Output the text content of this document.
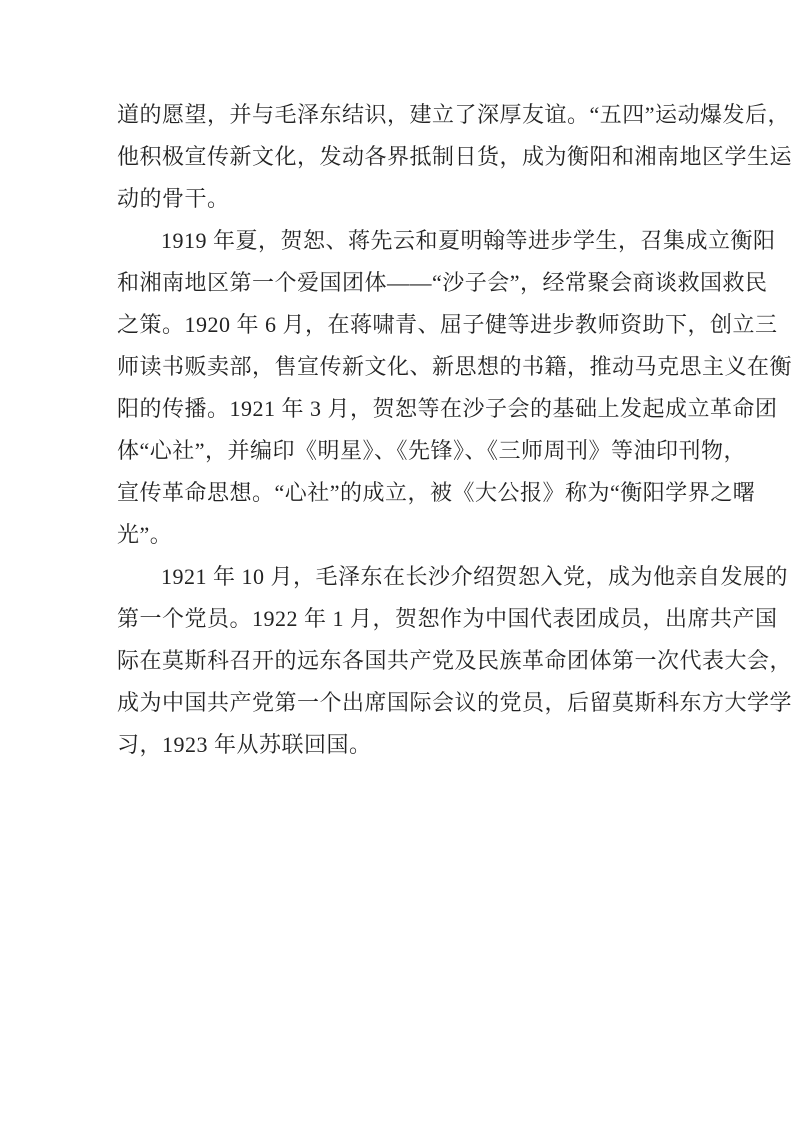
道的愿望，并与毛泽东结识，建立了深厚友谊。“五四”运动爆发后，
他积极宣传新文化，发动各界抵制日货，成为衡阳和湘南地区学生运
动的骨干。
1919 年夏，贺恕、蒋先云和夏明翰等进步学生，召集成立衡阳
和湘南地区第一个爱国团体——“沙子会”，经常聚会商谈救国救民
之策。1920 年 6 月，在蒋啸青、屈子健等进步教师资助下，创立三
师读书贩卖部，售宣传新文化、新思想的书籍，推动马克思主义在衡
阳的传播。1921 年 3 月，贺恕等在沙子会的基础上发起成立革命团
体“心社”，并编印《明星》、《先锋》、《三师周刊》等油印刊物，
宣传革命思想。“心社”的成立，被《大公报》称为“衡阳学界之曙
光”。
1921 年 10 月，毛泽东在长沙介绍贺恕入党，成为他亲自发展的
第一个党员。1922 年 1 月，贺恕作为中国代表团成员，出席共产国
际在莫斯科召开的远东各国共产党及民族革命团体第一次代表大会，
成为中国共产党第一个出席国际会议的党员，后留莫斯科东方大学学
习，1923 年从苏联回国。
